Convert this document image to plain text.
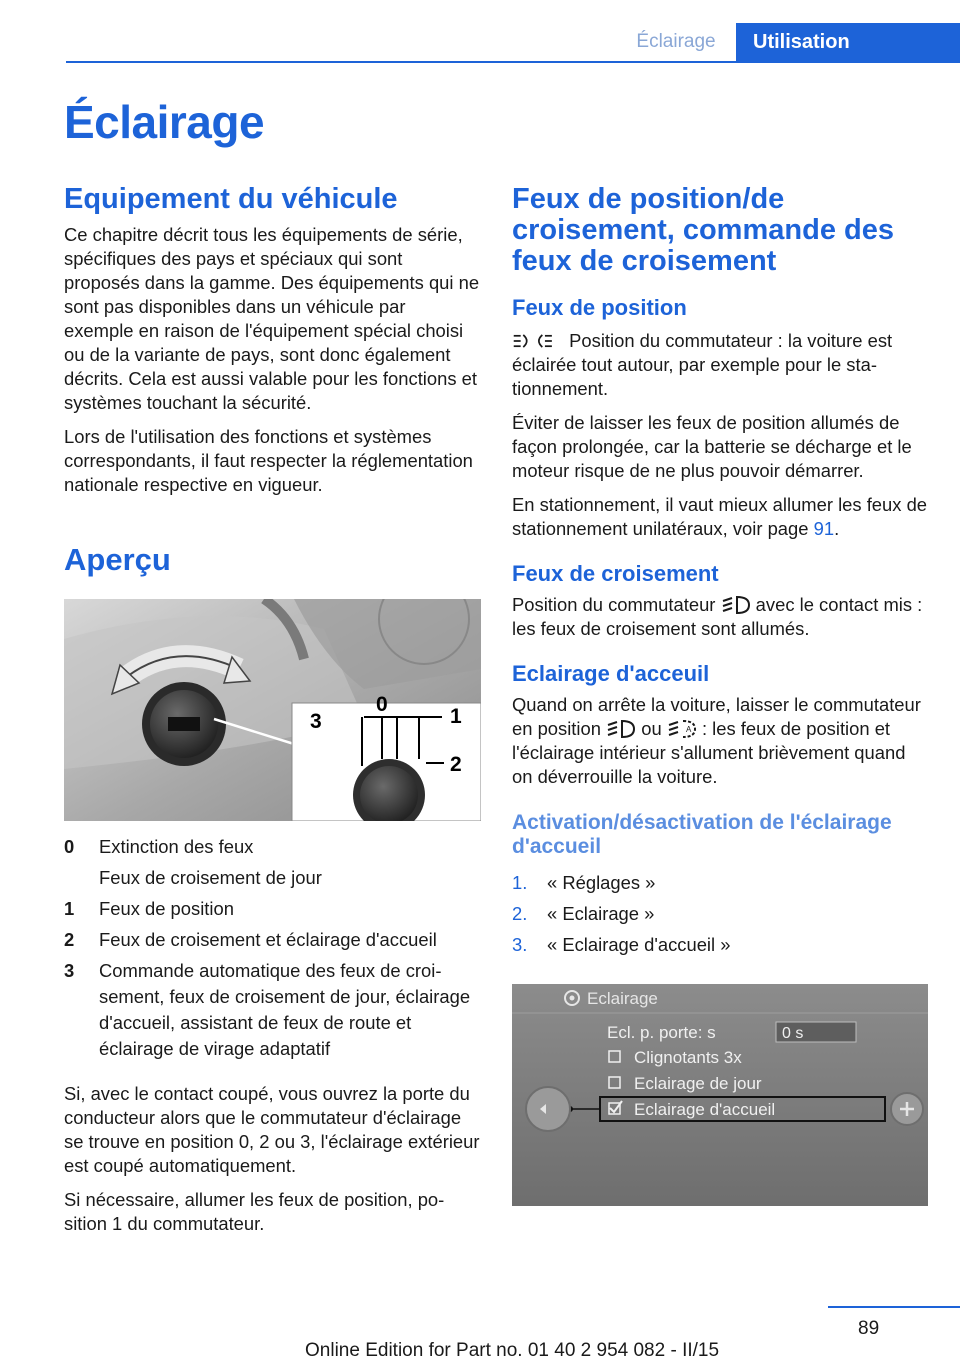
Éclairage	Utilisation
Éclairage
Equipement du véhicule

Ce chapitre décrit tous les équipements de série, spécifiques des pays et spéciaux qui sont proposés dans la gamme. Des équipements qui ne sont pas disponibles dans un véhicule par exemple en raison de l'équipement spécial choisi ou de la variante de pays, sont donc également décrits. Cela est aussi valable pour les fonctions et systèmes touchant la sécurité.

Lors de l'utilisation des fonctions et systèmes correspondants, il faut respecter la réglementation nationale respective en vigueur.

Aperçu
3
0
1
2
0	Extinction des feux
Feux de croisement de jour
1	Feux de position
2	Feux de croisement et éclairage d'accueil
3	Commande automatique des feux de croisement, feux de croisement de jour, éclairage d'accueil, assistant de feux de route et éclairage de virage adaptatif

Si, avec le contact coupé, vous ouvrez la porte du conducteur alors que le commutateur d'éclairage se trouve en position 0, 2 ou 3, l'éclairage extérieur est coupé automatiquement.

Si nécessaire, allumer les feux de position, position 1 du commutateur.

Feux de position/de croisement, commande des feux de croisement
Feux de position

Position du commutateur : la voiture est éclairée tout autour, par exemple pour le stationnement.

Éviter de laisser les feux de position allumés de façon prolongée, car la batterie se décharge et le moteur risque de ne plus pouvoir démarrer.

En stationnement, il vaut mieux allumer les feux de stationnement unilatéraux, voir page 91.

Feux de croisement

Position du commutateur avec le contact mis : les feux de croisement sont allumés.

Eclairage d'acceuil

Quand on arrête la voiture, laisser le commutateur en position ou	A : les feux de position et l'éclairage intérieur s'allument brièvement quand on déverrouille la voiture.

Activation/désactivation de l'éclairage d'accueil
1.	« Réglages »
2.	« Eclairage »
3.	« Eclairage d'accueil »
Eclairage
Ecl. p. porte: s	0 s
Clignotants 3x
Eclairage de jour
Eclairage d'accueil
89
Online Edition for Part no. 01 40 2 954 082 - II/15
